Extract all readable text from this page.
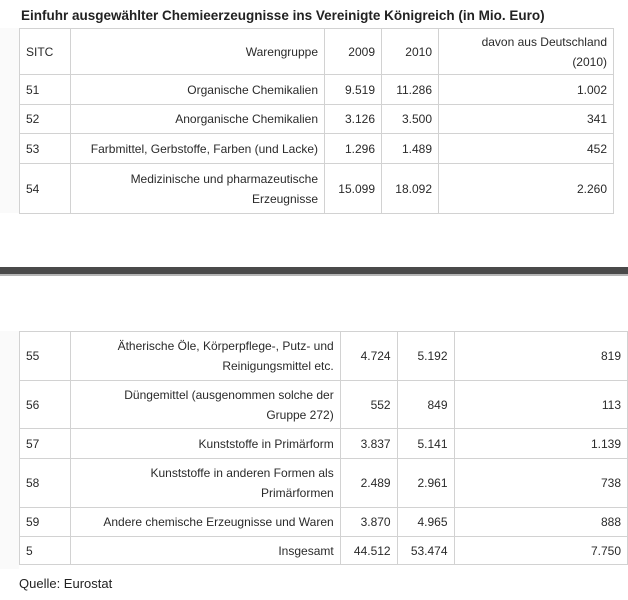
Einfuhr ausgewählter Chemieerzeugnisse ins Vereinigte Königreich (in Mio. Euro)
SITC	Warengruppe	2009	2010	davon aus Deutschland
(2010)

51	Organische Chemikalien	9.519	11.286	1.002
52	Anorganische Chemikalien	3.126	3.500	341
53	Farbmittel, Gerbstoffe, Farben (und Lacke)	1.296	1.489	452
54	Medizinische und pharmazeutische
Erzeugnisse	15.099	18.092	2.260
55	Ätherische Öle, Körperpflege-, Putz- und
Reinigungsmittel etc.	4.724	5.192	819
56	Düngemittel (ausgenommen solche der
Gruppe 272)	552	849	113
57	Kunststoffe in Primärform	3.837	5.141	1.139
58	Kunststoffe in anderen Formen als
Primärformen	2.489	2.961	738
59	Andere chemische Erzeugnisse und Waren	3.870	4.965	888
5	Insgesamt	44.512	53.474	7.750
Quelle: Eurostat
